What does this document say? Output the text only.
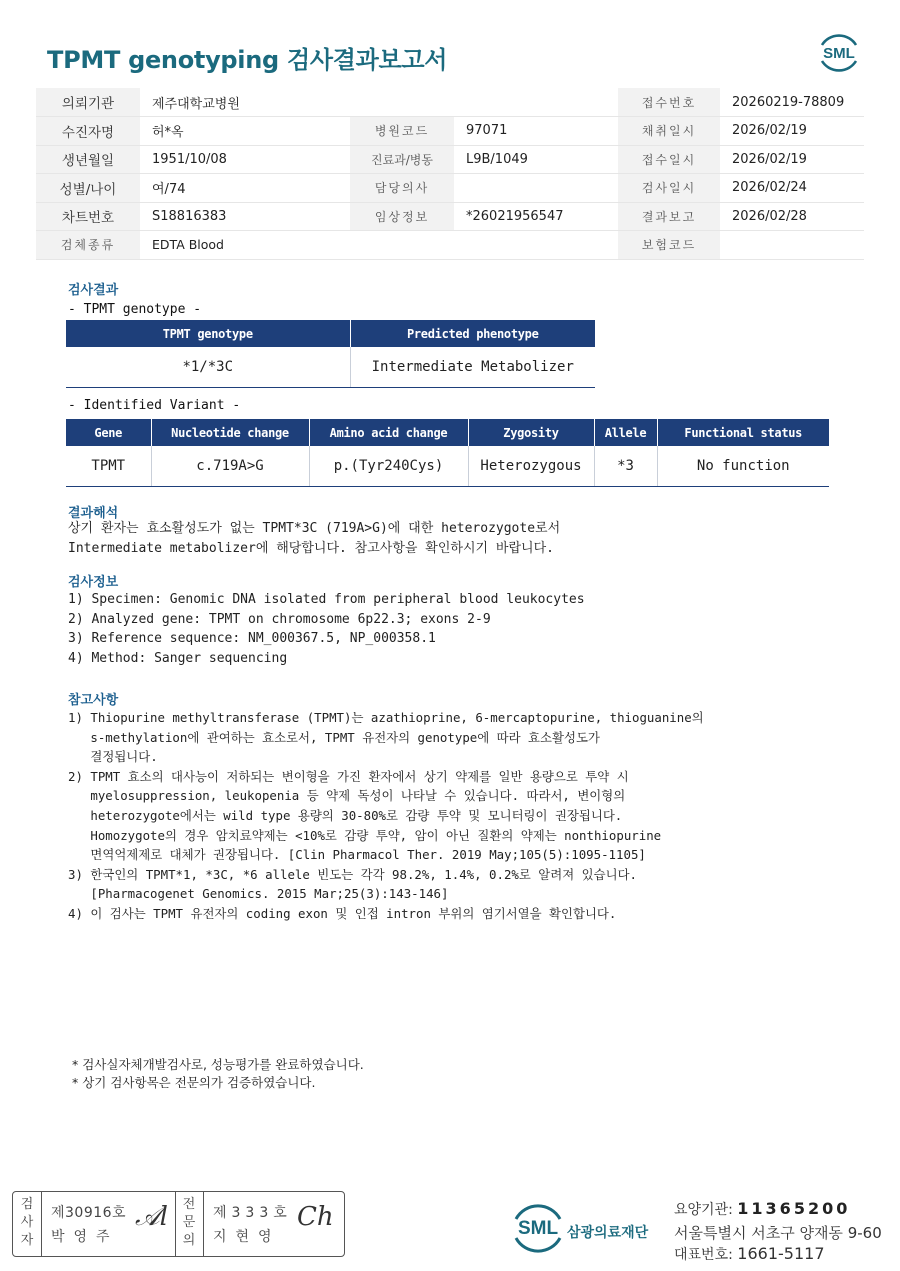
TPMT genotyping 검사결과보고서	SML
의뢰기관	제주대학교병원				접수번호	20260219-78809
수진자명	허*옥	병원코드	97071		채취일시	2026/02/19
생년월일	1951/10/08	진료과/병동	L9B/1049		접수일시	2026/02/19
성별/나이	여/74	담당의사			검사일시	2026/02/24
차트번호	S18816383	임상정보	*26021956547		결과보고	2026/02/28
검체종류	EDTA Blood				보험코드	
검사결과
- TPMT genotype -
TPMT genotype	Predicted phenotype
*1/*3C	Intermediate Metabolizer
- Identified Variant -
Gene	Nucleotide change	Amino acid change	Zygosity	Allele	Functional status
TPMT	c.719A>G	p.(Tyr240Cys)	Heterozygous	*3	No function
결과해석
상기 환자는 효소활성도가 없는 TPMT*3C (719A>G)에 대한 heterozygote로서
Intermediate metabolizer에 해당합니다. 참고사항을 확인하시기 바랍니다.
검사정보
1) Specimen: Genomic DNA isolated from peripheral blood leukocytes
2) Analyzed gene: TPMT on chromosome 6p22.3; exons 2-9
3) Reference sequence: NM_000367.5, NP_000358.1
4) Method: Sanger sequencing
참고사항
1) Thiopurine methyltransferase (TPMT)는 azathioprine, 6-mercaptopurine, thioguanine의
s-methylation에 관여하는 효소로서, TPMT 유전자의 genotype에 따라 효소활성도가
결정됩니다.
2) TPMT 효소의 대사능이 저하되는 변이형을 가진 환자에서 상기 약제를 일반 용량으로 투약 시
myelosuppression, leukopenia 등 약제 독성이 나타날 수 있습니다. 따라서, 변이형의
heterozygote에서는 wild type 용량의 30-80%로 감량 투약 및 모니터링이 권장됩니다.
Homozygote의 경우 암치료약제는 <10%로 감량 투약, 암이 아닌 질환의 약제는 nonthiopurine
면역억제제로 대체가 권장됩니다. [Clin Pharmacol Ther. 2019 May;105(5):1095-1105]
3) 한국인의 TPMT*1, *3C, *6 allele 빈도는 각각 98.2%, 1.4%, 0.2%로 알려져 있습니다.
[Pharmacogenet Genomics. 2015 Mar;25(3):143-146]
4) 이 검사는 TPMT 유전자의 coding exon 및 인접 intron 부위의 염기서열을 확인합니다.
* 검사실자체개발검사로, 성능평가를 완료하였습니다.
* 상기 검사항목은 전문의가 검증하였습니다.
검사자
제30916호
박영주
𝒜l	전문의
제333호
지현영
Ch	SML 삼광의료재단
요양기관: 11365200
서울특별시 서초구 양재동 9-60
대표번호: 1661-5117
